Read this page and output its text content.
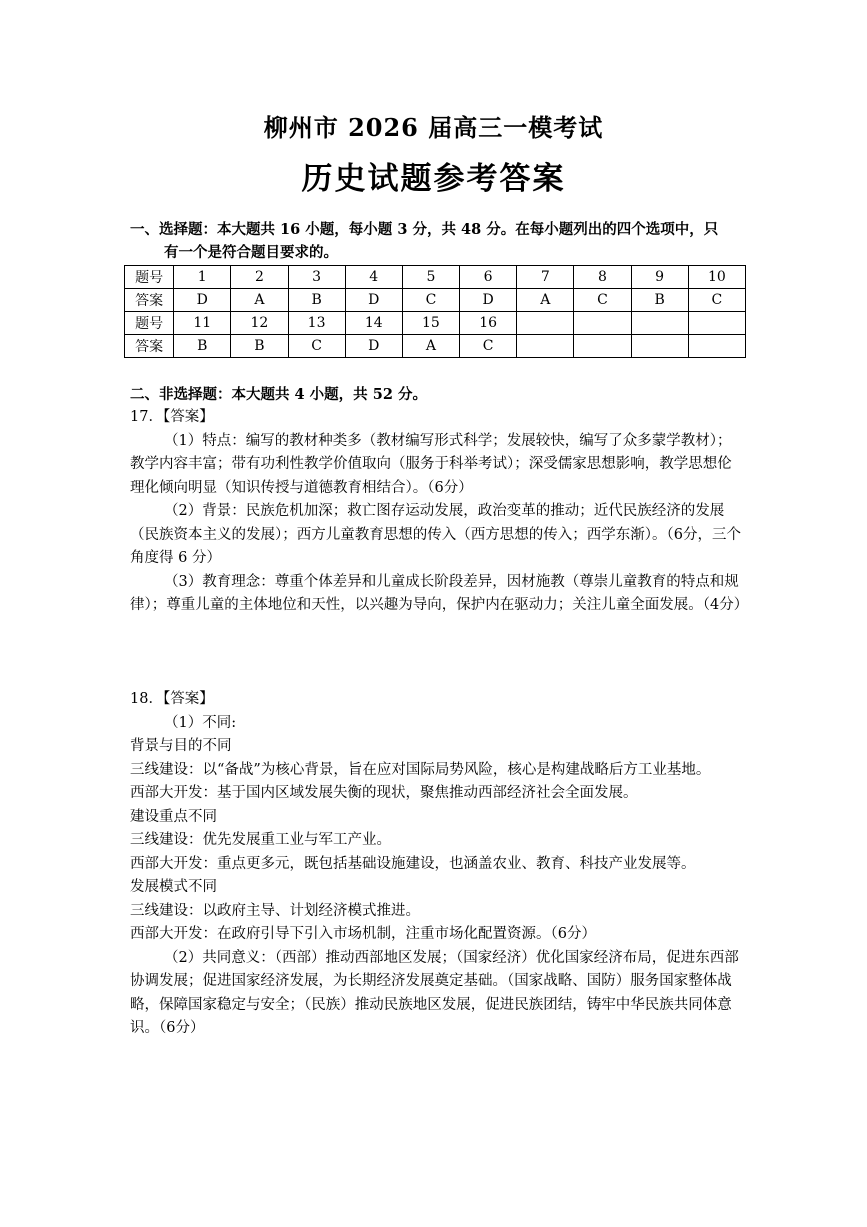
柳州市 2026 届高三一模考试
历史试题参考答案
一、选择题：本大题共 16 小题，每小题 3 分，共 48 分。在每小题列出的四个选项中，只
有一个是符合题目要求的。
题号	1	2	3	4	5	6	7	8	9	10
答案	D	A	B	D	C	D	A	C	B	C
题号	11	12	13	14	15	16				
答案	B	B	C	D	A	C				
二、非选择题：本大题共 4 小题，共 52 分。

17．【答案】

（1）特点：编写的教材种类多（教材编写形式科学；发展较快，编写了众多蒙学教材）；教学内容丰富；带有功利性教学价值取向（服务于科举考试）；深受儒家思想影响，教学思想伦理化倾向明显（知识传授与道德教育相结合）。（6分）

（2）背景：民族危机加深；救亡图存运动发展，政治变革的推动；近代民族经济的发展（民族资本主义的发展）；西方儿童教育思想的传入（西方思想的传入；西学东渐）。（6分，三个角度得 6 分）

（3）教育理念：尊重个体差异和儿童成长阶段差异，因材施教（尊崇儿童教育的特点和规律）；尊重儿童的主体地位和天性，以兴趣为导向，保护内在驱动力；关注儿童全面发展。（4分）

18．【答案】

（1）不同:

背景与目的不同

三线建设：以“备战”为核心背景，旨在应对国际局势风险，核心是构建战略后方工业基地。

西部大开发：基于国内区域发展失衡的现状，聚焦推动西部经济社会全面发展。

建设重点不同

三线建设：优先发展重工业与军工产业。

西部大开发：重点更多元，既包括基础设施建设，也涵盖农业、教育、科技产业发展等。

发展模式不同

三线建设：以政府主导、计划经济模式推进。

西部大开发：在政府引导下引入市场机制，注重市场化配置资源。（6分）

（2）共同意义：（西部）推动西部地区发展；（国家经济）优化国家经济布局，促进东西部协调发展；促进国家经济发展，为长期经济发展奠定基础。（国家战略、国防）服务国家整体战略，保障国家稳定与安全；（民族）推动民族地区发展，促进民族团结，铸牢中华民族共同体意识。（6分）
